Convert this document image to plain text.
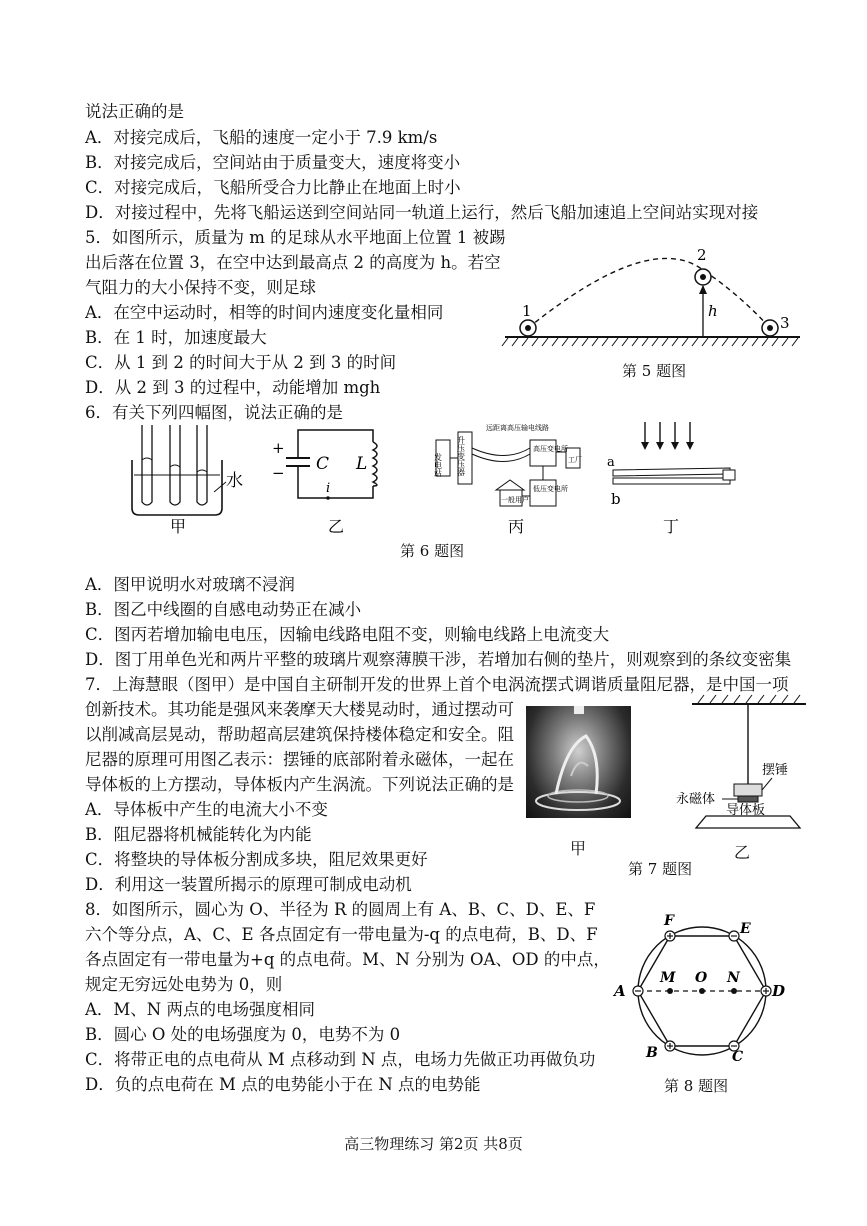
说法正确的是
A．对接完成后，飞船的速度一定小于 7.9 km/s
B．对接完成后，空间站由于质量变大，速度将变小
C．对接完成后，飞船所受合力比静止在地面上时小
D．对接过程中，先将飞船运送到空间站同一轨道上运行，然后飞船加速追上空间站实现对接
5．如图所示，质量为 m 的足球从水平地面上位置 1 被踢
出后落在位置 3，在空中达到最高点 2 的高度为 h。若空
气阻力的大小保持不变，则足球
A．在空中运动时，相等的时间内速度变化量相同
B．在 1 时，加速度最大
C．从 1 到 2 的时间大于从 2 到 3 的时间
D．从 2 到 3 的过程中，动能增加 mgh
6．有关下列四幅图，说法正确的是
A．图甲说明水对玻璃不浸润
B．图乙中线圈的自感电动势正在减小
C．图丙若增加输电电压，因输电线路电阻不变，则输电线路上电流变大
D．图丁用单色光和两片平整的玻璃片观察薄膜干涉，若增加右侧的垫片，则观察到的条纹变密集
7．上海慧眼（图甲）是中国自主研制开发的世界上首个电涡流摆式调谐质量阻尼器，是中国一项
创新技术。其功能是强风来袭摩天大楼晃动时，通过摆动可
以削减高层晃动，帮助超高层建筑保持楼体稳定和安全。阻
尼器的原理可用图乙表示：摆锤的底部附着永磁体，一起在
导体板的上方摆动，导体板内产生涡流。下列说法正确的是
A．导体板中产生的电流大小不变
B．阻尼器将机械能转化为内能
C．将整块的导体板分割成多块，阻尼效果更好
D．利用这一装置所揭示的原理可制成电动机
8．如图所示，圆心为 O、半径为 R 的圆周上有 A、B、C、D、E、F
六个等分点，A、C、E 各点固定有一带电量为-q 的点电荷，B、D、F
各点固定有一带电量为+q 的点电荷。M、N 分别为 OA、OD 的中点，
规定无穷远处电势为 0，则
A．M、N 两点的电场强度相同
B．圆心 O 处的电场强度为 0，电势不为 0
C．将带正电的点电荷从 M 点移动到 N 点，电场力先做正功再做负功
D．负的点电荷在 M 点的电势能小于在 N 点的电势能
1
2
3
h
第 5 题图
水
甲
+
− C L
i
乙
发电站 升压变压器
远距离高压输电线路
高压变电所
工厂
低压变电所
一般用户
丙
a
b
丁
第 6 题图
甲
摆锤
永磁体
导体板
乙
第 7 题图
A	D
F	E
B	C
M O N
第 8 题图
高三物理练习 第2页 共8页
